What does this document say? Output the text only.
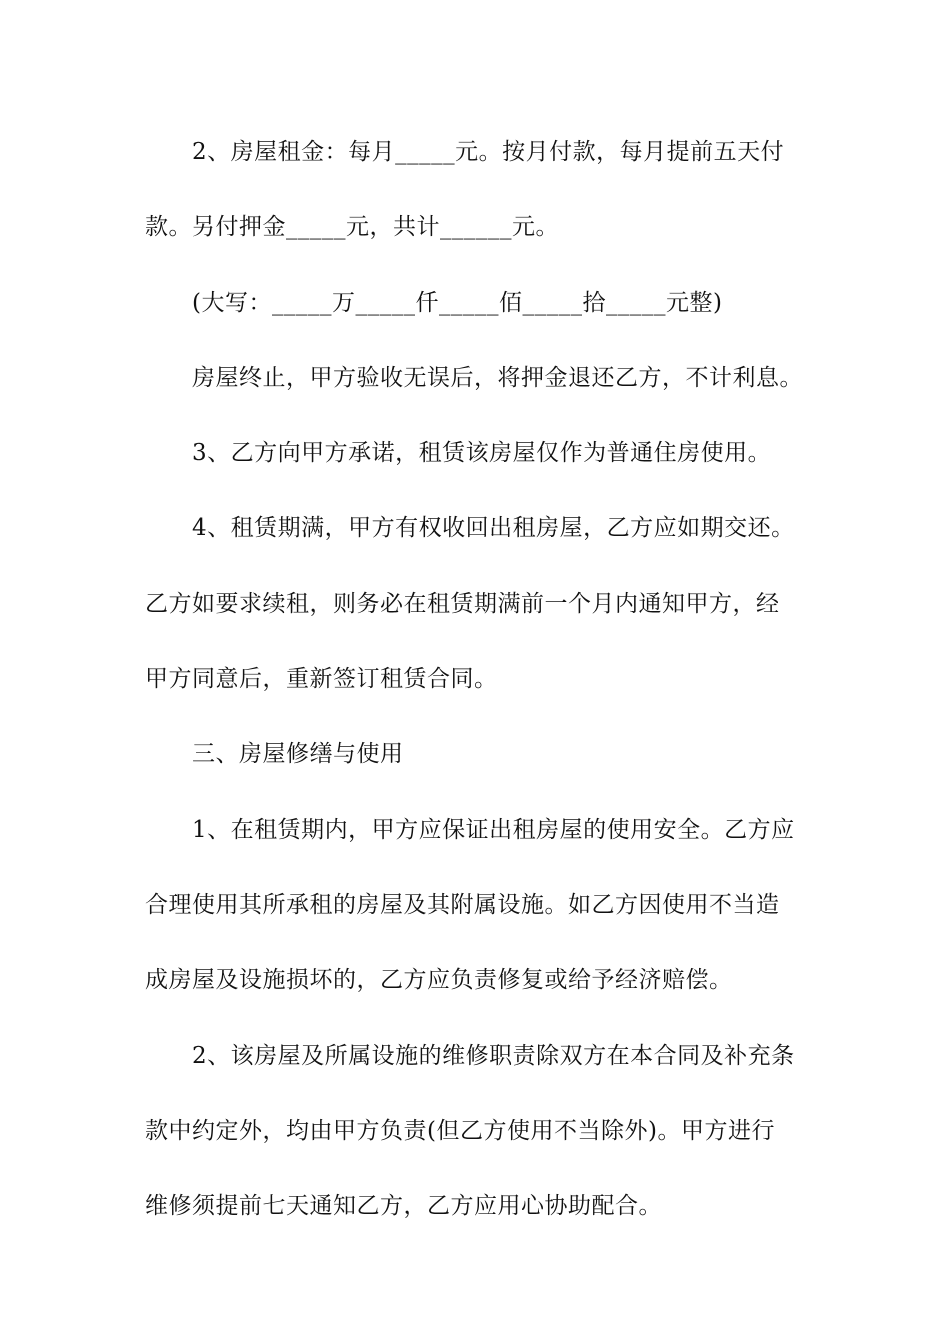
2、房屋租金：每月_____元。按月付款，每月提前五天付
款。另付押金_____元，共计______元。
(大写：_____万_____仟_____佰_____拾_____元整)
房屋终止，甲方验收无误后，将押金退还乙方，不计利息。
3、乙方向甲方承诺，租赁该房屋仅作为普通住房使用。
4、租赁期满，甲方有权收回出租房屋，乙方应如期交还。
乙方如要求续租，则务必在租赁期满前一个月内通知甲方，经
甲方同意后，重新签订租赁合同。
三、房屋修缮与使用
1、在租赁期内，甲方应保证出租房屋的使用安全。乙方应
合理使用其所承租的房屋及其附属设施。如乙方因使用不当造
成房屋及设施损坏的，乙方应负责修复或给予经济赔偿。
2、该房屋及所属设施的维修职责除双方在本合同及补充条
款中约定外，均由甲方负责(但乙方使用不当除外)。甲方进行
维修须提前七天通知乙方，乙方应用心协助配合。
